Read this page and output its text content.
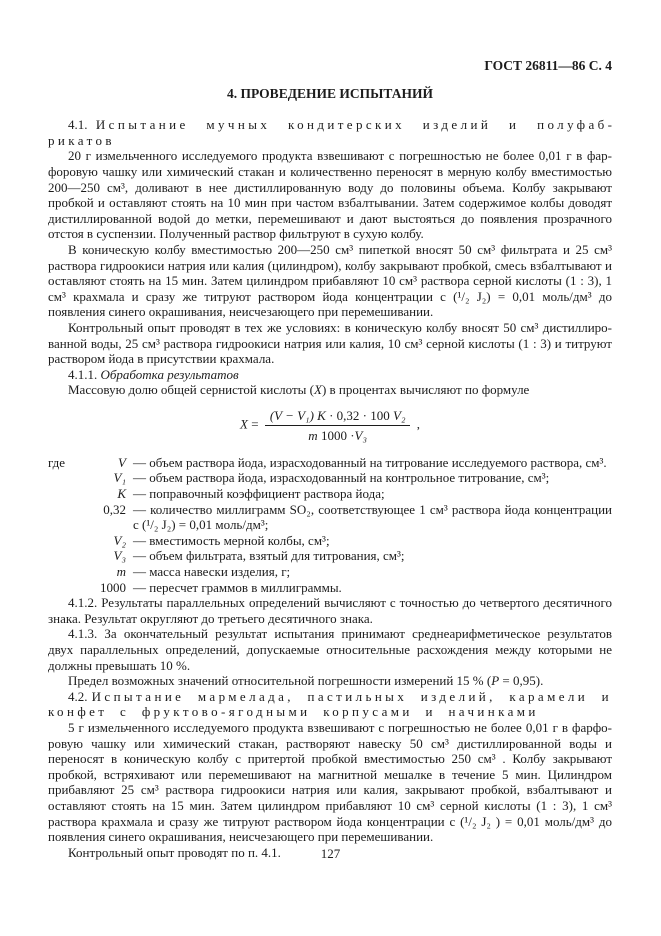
ГОСТ 26811—86 С. 4
4. ПРОВЕДЕНИЕ ИСПЫТАНИЙ

4.1. Испытание мучных кондитерских изделий и полуфабрикатов

20 г измельченного исследуемого продукта взвешивают с погрешностью не более 0,01 г в фарфоровую чашку или химический стакан и количественно переносят в мерную колбу вместимостью 200—250 см³, доливают в нее дистиллированную воду до половины объема. Колбу закрывают пробкой и оставляют стоять на 10 мин при частом взбалтывании. Затем содержимое колбы доводят дистиллированной водой до метки, перемешивают и дают выстояться до появления прозрачного отстоя в суспензии. Полученный раствор фильтруют в сухую колбу.

В коническую колбу вместимостью 200—250 см³ пипеткой вносят 50 см³ фильтрата и 25 см³ раствора гидроокиси натрия или калия (цилиндром), колбу закрывают пробкой, смесь взбалтывают и оставляют стоять на 15 мин. Затем цилиндром прибавляют 10 см³ раствора серной кислоты (1 : 3), 1 см³ крахмала и сразу же титруют раствором йода концентрации с (¹/₂ J₂) = 0,01 моль/дм³ до появления синего окрашивания, неисчезающего при перемешивании.

Контрольный опыт проводят в тех же условиях: в коническую колбу вносят 50 см³ дистиллированной воды, 25 см³ раствора гидроокиси натрия или калия, 10 см³ серной кислоты (1 : 3) и титруют раствором йода в присутствии крахмала.

4.1.1. Обработка результатов

Массовую долю общей сернистой кислоты (X) в процентах вычисляют по формуле

$X = \frac{\text{(V − V₁) K · 0,32 · 100 V₂}}{\text{m 1000 ·V₃}}$ ,
где	V — объем раствора йода, израсходованный на титрование исследуемого раствора, см³.
V₁ — объем раствора йода, израсходованный на контрольное титрование, см³;
K — поправочный коэффициент раствора йода;
0,32 — количество миллиграмм SO₂, соответствующее 1 см³ раствора йода концентрации с (¹/₂ J₂) = 0,01 моль/дм³;
V₂ — вместимость мерной колбы, см³;
V₃ — объем фильтрата, взятый для титрования, см³;
m — масса навески изделия, г;
1000 — пересчет граммов в миллиграммы.

4.1.2. Результаты параллельных определений вычисляют с точностью до четвертого десятичного знака. Результат округляют до третьего десятичного знака.

4.1.3. За окончательный результат испытания принимают среднеарифметическое результатов двух параллельных определений, допускаемые относительные расхождения между которыми не должны превышать 10 %.

Предел возможных значений относительной погрешности измерений 15 % (P = 0,95).

4.2. Испытание мармелада, пастильных изделий, карамели и конфет с фруктово-ягодными корпусами и начинками

5 г измельченного исследуемого продукта взвешивают с погрешностью не более 0,01 г в фарфоровую чашку или химический стакан, растворяют навеску 50 см³ дистиллированной воды и переносят в коническую колбу с притертой пробкой вместимостью 250 см³ . Колбу закрывают пробкой, встряхивают или перемешивают на магнитной мешалке в течение 5 мин. Цилиндром прибавляют 25 см³ раствора гидроокиси натрия или калия, закрывают пробкой, взбалтывают и оставляют стоять на 15 мин. Затем цилиндром прибавляют 10 см³ серной кислоты (1 : 3), 1 см³ раствора крахмала и сразу же титруют раствором йода концентрации с (¹/₂ J₂ ) = 0,01 моль/дм³ до появления синего окрашивания, неисчезающего при перемешивании.

Контрольный опыт проводят по п. 4.1.	127
